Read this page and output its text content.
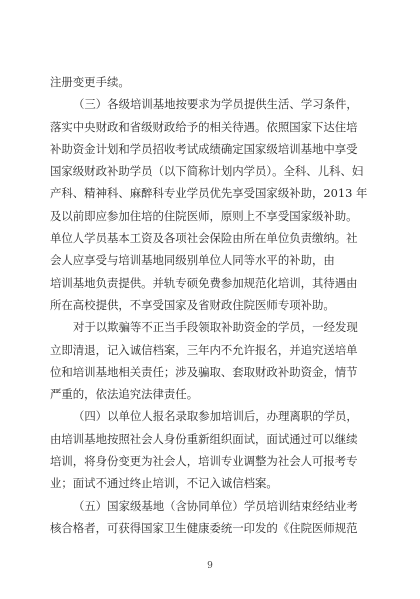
注册变更手续。
（三）各级培训基地按要求为学员提供生活、学习条件，
落实中央财政和省级财政给予的相关待遇。依照国家下达住培
补助资金计划和学员招收考试成绩确定国家级培训基地中享受
国家级财政补助学员（以下简称计划内学员）。全科、儿科、妇
产科、精神科、麻醉科专业学员优先享受国家级补助，2013 年
及以前即应参加住培的住院医师，原则上不享受国家级补助。
单位人学员基本工资及各项社会保险由所在单位负责缴纳。社
会人应享受与培训基地同级别单位人同等水平的补助，由
培训基地负责提供。并轨专硕免费参加规范化培训，其待遇由
所在高校提供，不享受国家及省财政住院医师专项补助。
对于以欺骗等不正当手段领取补助资金的学员，一经发现
立即清退，记入诚信档案，三年内不允许报名，并追究送培单
位和培训基地相关责任；涉及骗取、套取财政补助资金，情节
严重的，依法追究法律责任。
（四）以单位人报名录取参加培训后，办理离职的学员，
由培训基地按照社会人身份重新组织面试，面试通过可以继续
培训，将身份变更为社会人，培训专业调整为社会人可报考专
业；面试不通过终止培训，不记入诚信档案。
（五）国家级基地（含协同单位）学员培训结束经结业考
核合格者，可获得国家卫生健康委统一印发的《住院医师规范
9
